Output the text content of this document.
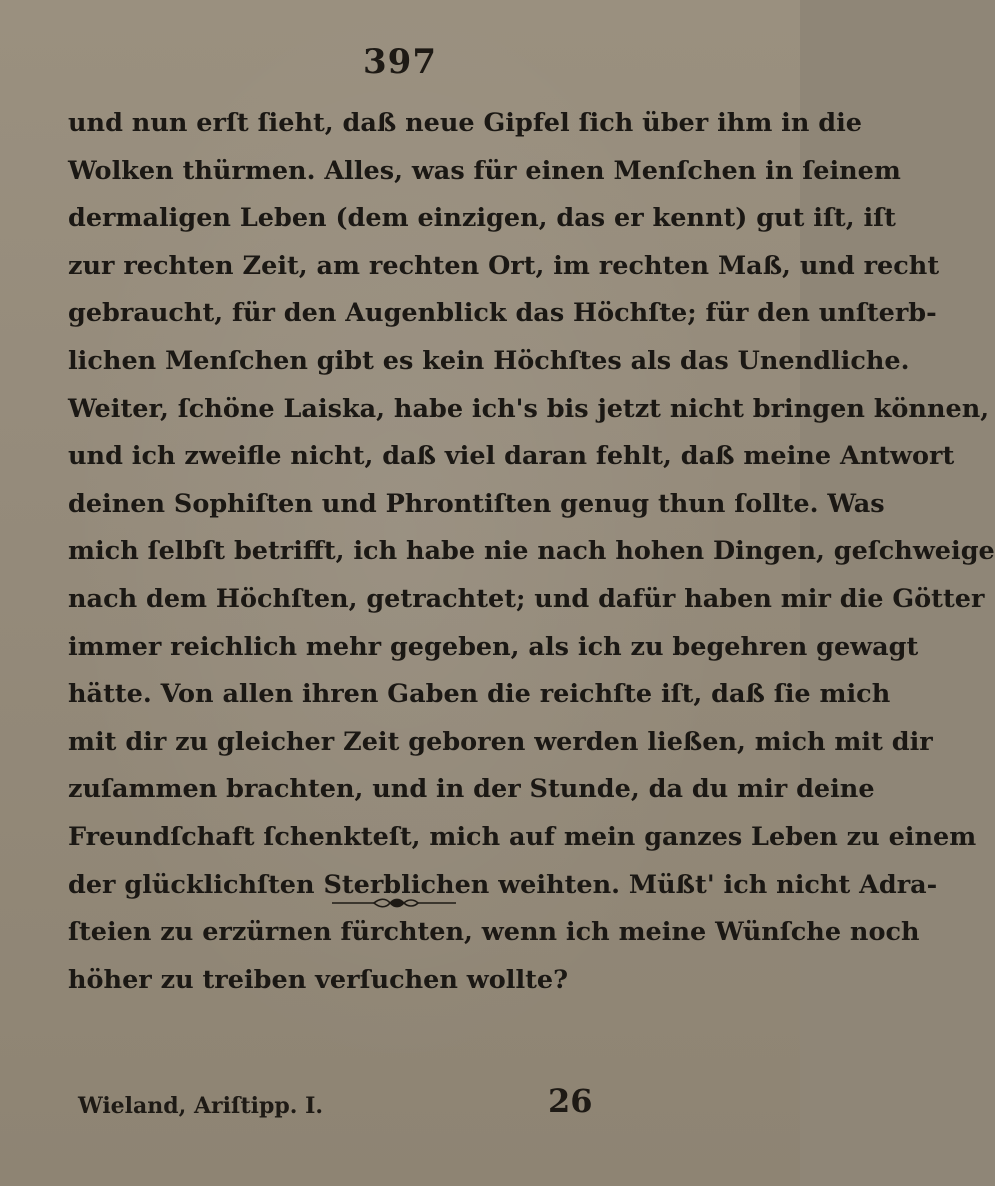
397
und nun erſt ſieht, daß neue Gipfel ſich über ihm in die
Wolken thürmen. Alles, was für einen Menſchen in ſeinem
dermaligen Leben (dem einzigen, das er kennt) gut iſt, iſt
zur rechten Zeit, am rechten Ort, im rechten Maß, und recht
gebraucht, für den Augenblick das Höchſte; für den unſterb-
lichen Menſchen gibt es kein Höchſtes als das Unendliche.
Weiter, ſchöne Laiska, habe ich's bis jetzt nicht bringen können,
und ich zweifle nicht, daß viel daran fehlt, daß meine Antwort
deinen Sophiſten und Phrontiſten genug thun ſollte. Was
mich ſelbſt betrifft, ich habe nie nach hohen Dingen, geſchweige
nach dem Höchſten, getrachtet; und dafür haben mir die Götter
immer reichlich mehr gegeben, als ich zu begehren gewagt
hätte. Von allen ihren Gaben die reichſte iſt, daß ſie mich
mit dir zu gleicher Zeit geboren werden ließen, mich mit dir
zuſammen brachten, und in der Stunde, da du mir deine
Freundſchaft ſchenkteſt, mich auf mein ganzes Leben zu einem
der glücklichſten Sterblichen weihten. Müßt' ich nicht Adra-
ſteien zu erzürnen fürchten, wenn ich meine Wünſche noch
höher zu treiben verſuchen wollte?
Wieland, Ariſtipp. I.	26
